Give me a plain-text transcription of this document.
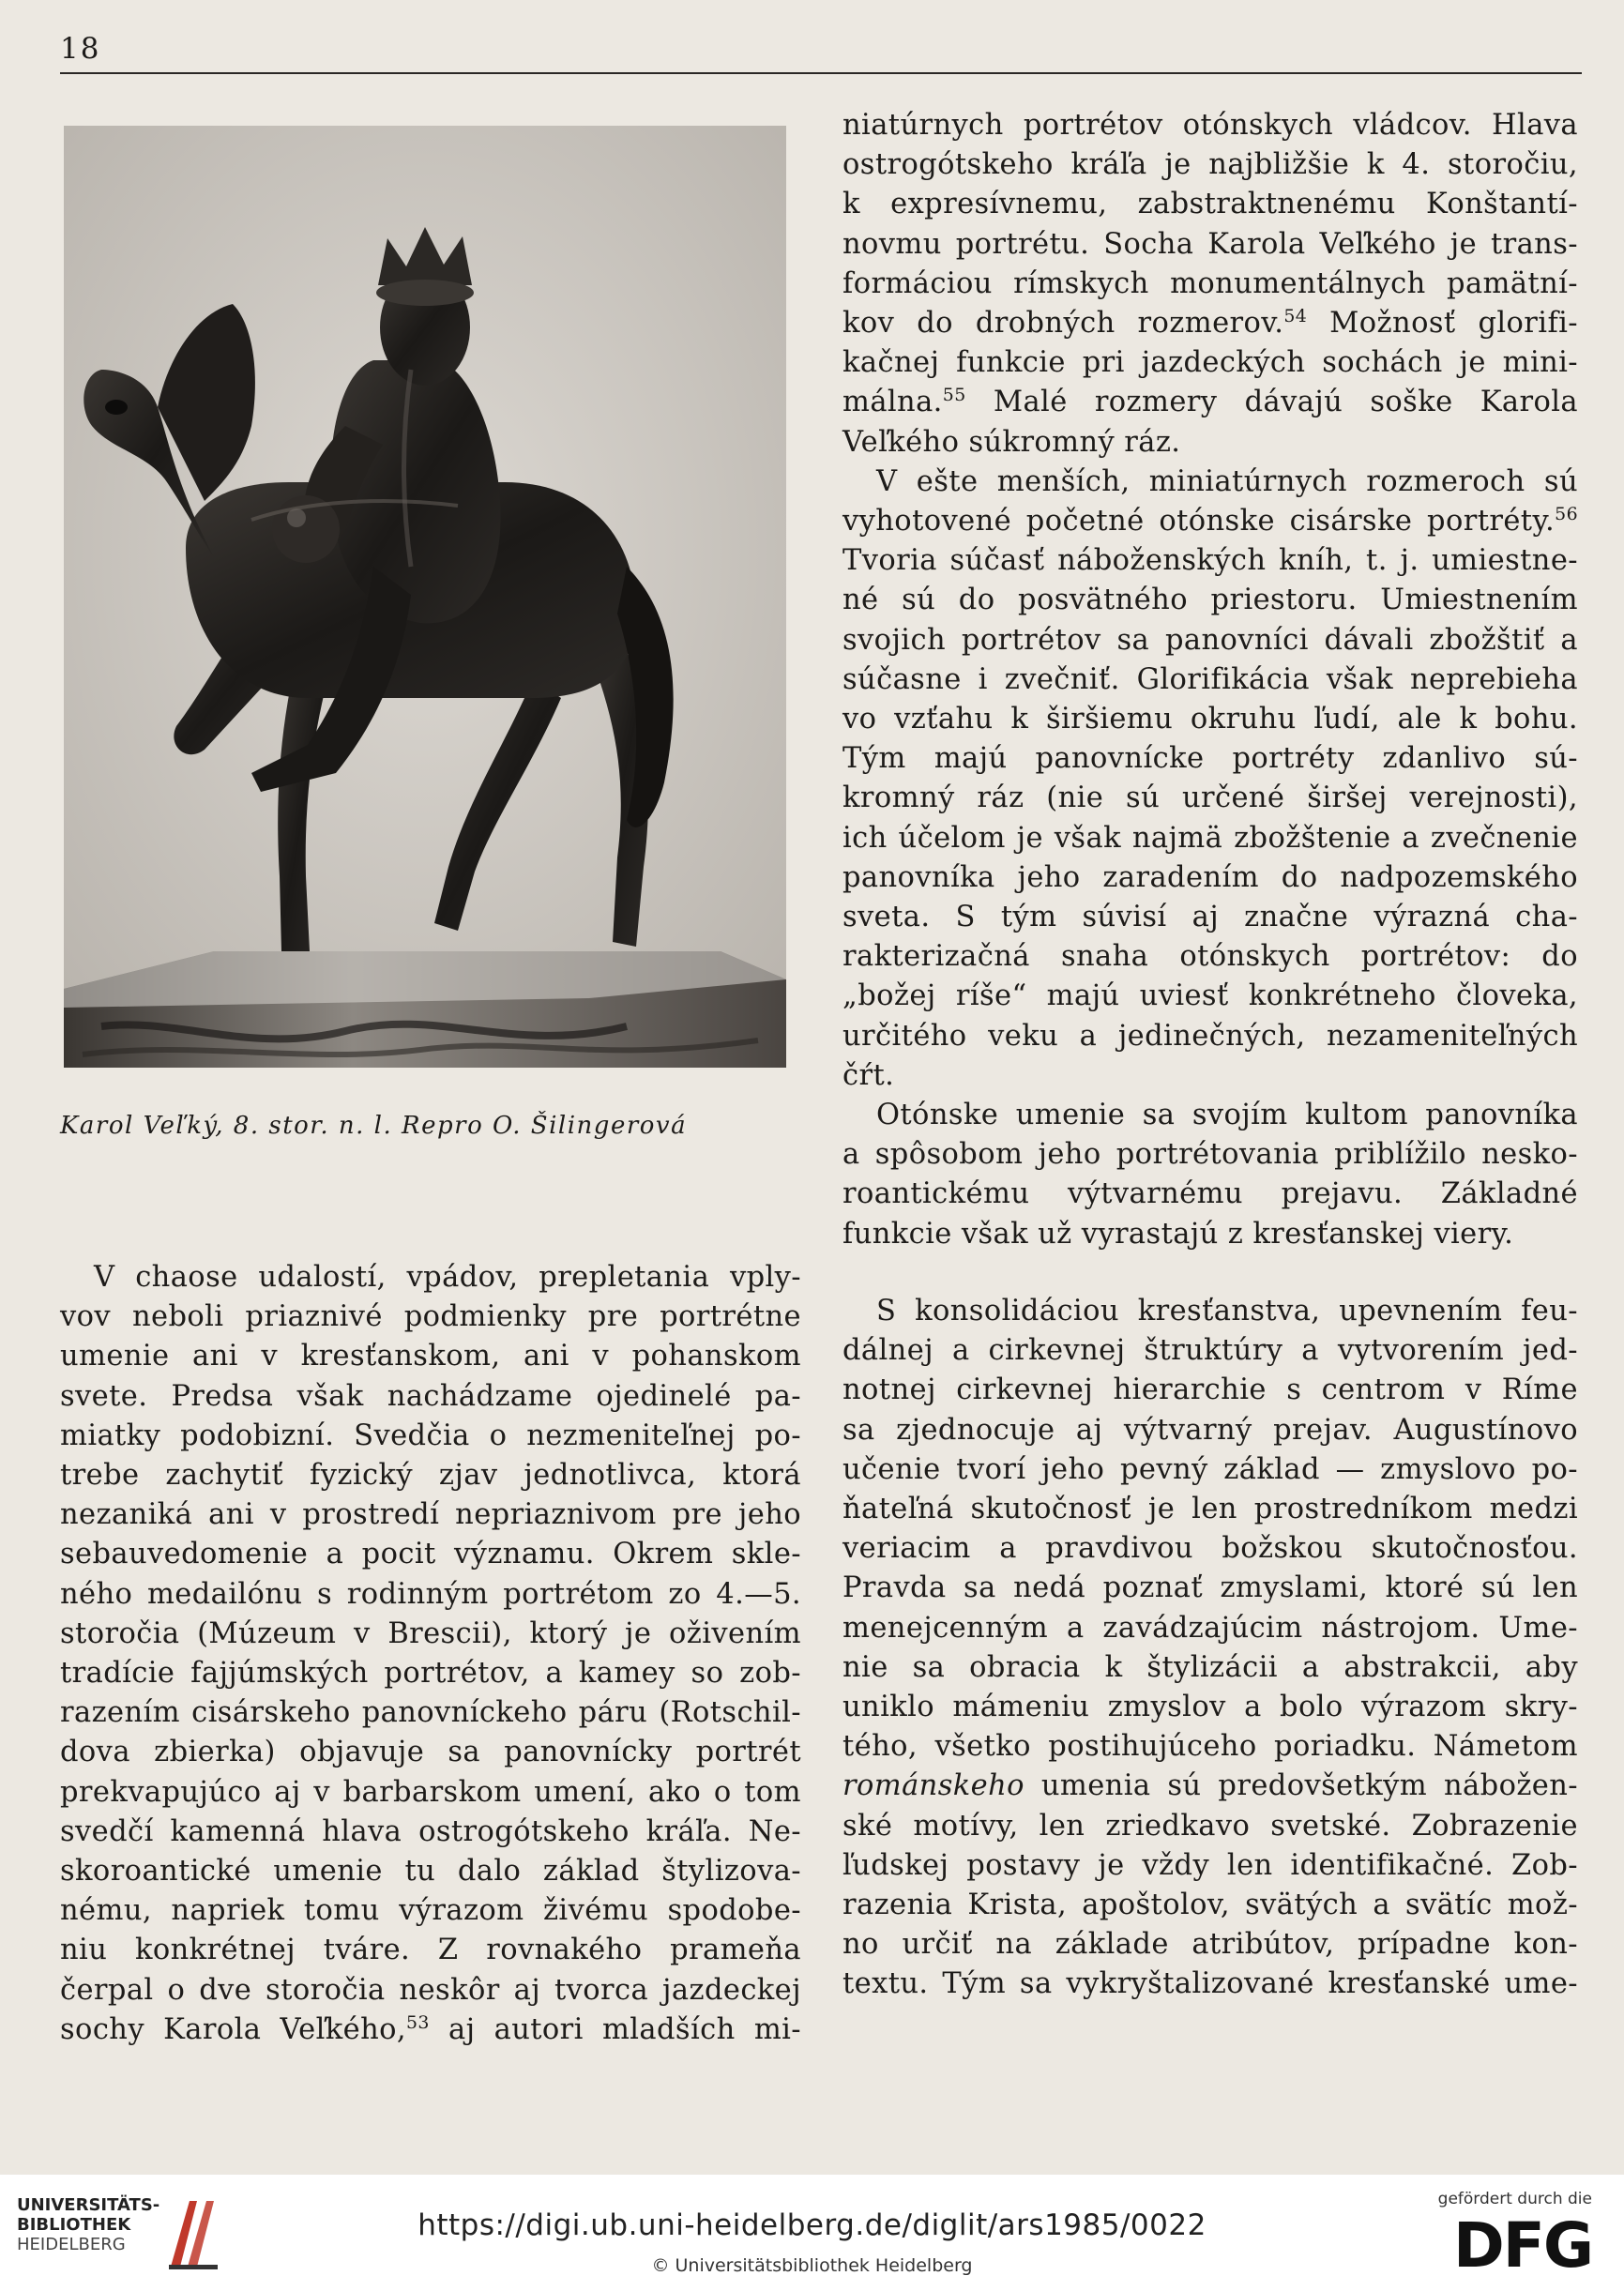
18
Karol Veľký, 8. stor. n. l. Repro O. Šilingerová

V chaose udalostí, vpádov, prepletania vply-

vov neboli priaznivé podmienky pre portrétne

umenie ani v kresťanskom, ani v pohanskom

svete. Predsa však nachádzame ojedinelé pa-

miatky podobizní. Svedčia o nezmeniteľnej po-

trebe zachytiť fyzický zjav jednotlivca, ktorá

nezaniká ani v prostredí nepriaznivom pre jeho

sebauvedomenie a pocit významu. Okrem skle-

ného medailónu s rodinným portrétom zo 4.—5.

storočia (Múzeum v Brescii), ktorý je oživením

tradície fajjúmských portrétov, a kamey so zob-

razením cisárskeho panovníckeho páru (Rotschil-

dova zbierka) objavuje sa panovnícky portrét

prekvapujúco aj v barbarskom umení, ako o tom

svedčí kamenná hlava ostrogótskeho kráľa. Ne-

skoroantické umenie tu dalo základ štylizova-

nému, napriek tomu výrazom živému spodobe-

niu konkrétnej tváre. Z rovnakého prameňa

čerpal o dve storočia neskôr aj tvorca jazdeckej

sochy Karola Veľkého,$^{53}$ aj autori mladších mi-

niatúrnych portrétov otónskych vládcov. Hlava

ostrogótskeho kráľa je najbližšie k 4. storočiu,

k expresívnemu, zabstraktnenému Konštantí-

novmu portrétu. Socha Karola Veľkého je trans-

formáciou rímskych monumentálnych pamätní-

kov do drobných rozmerov.$^{54}$ Možnosť glorifi-

kačnej funkcie pri jazdeckých sochách je mini-

málna.$^{55}$ Malé rozmery dávajú soške Karola

Veľkého súkromný ráz.

V ešte menších, miniatúrnych rozmeroch sú

vyhotovené početné otónske cisárske portréty.$^{56}$

Tvoria súčasť náboženských kníh, t. j. umiestne-

né sú do posvätného priestoru. Umiestnením

svojich portrétov sa panovníci dávali zbožštiť a

súčasne i zvečniť. Glorifikácia však neprebieha

vo vzťahu k širšiemu okruhu ľudí, ale k bohu.

Tým majú panovnícke portréty zdanlivo sú-

kromný ráz (nie sú určené širšej verejnosti),

ich účelom je však najmä zbožštenie a zvečnenie

panovníka jeho zaradením do nadpozemského

sveta. S tým súvisí aj značne výrazná cha-

rakterizačná snaha otónskych portrétov: do

„božej ríše“ majú uviesť konkrétneho človeka,

určitého veku a jedinečných, nezameniteľných

čŕt.

Otónske umenie sa svojím kultom panovníka

a spôsobom jeho portrétovania priblížilo nesko-

roantickému výtvarnému prejavu. Základné

funkcie však už vyrastajú z kresťanskej viery.

S konsolidáciou kresťanstva, upevnením feu-

dálnej a cirkevnej štruktúry a vytvorením jed-

notnej cirkevnej hierarchie s centrom v Ríme

sa zjednocuje aj výtvarný prejav. Augustínovo

učenie tvorí jeho pevný základ — zmyslovo po-

ňateľná skutočnosť je len prostredníkom medzi

veriacim a pravdivou božskou skutočnosťou.

Pravda sa nedá poznať zmyslami, ktoré sú len

menejcenným a zavádzajúcim nástrojom. Ume-

nie sa obracia k štylizácii a abstrakcii, aby

uniklo mámeniu zmyslov a bolo výrazom skry-

tého, všetko postihujúceho poriadku. Námetom

románskeho umenia sú predovšetkým nábožen-

ské motívy, len zriedkavo svetské. Zobrazenie

ľudskej postavy je vždy len identifikačné. Zob-

razenia Krista, apoštolov, svätých a svätíc mož-

no určiť na základe atribútov, prípadne kon-

textu. Tým sa vykryštalizované kresťanské ume-

UNIVERSITÄTS-
BIBLIOTHEK
HEIDELBERG
https://digi.ub.uni-heidelberg.de/diglit/ars1985/0022
© Universitätsbibliothek Heidelberg
gefördert durch die
DFG
